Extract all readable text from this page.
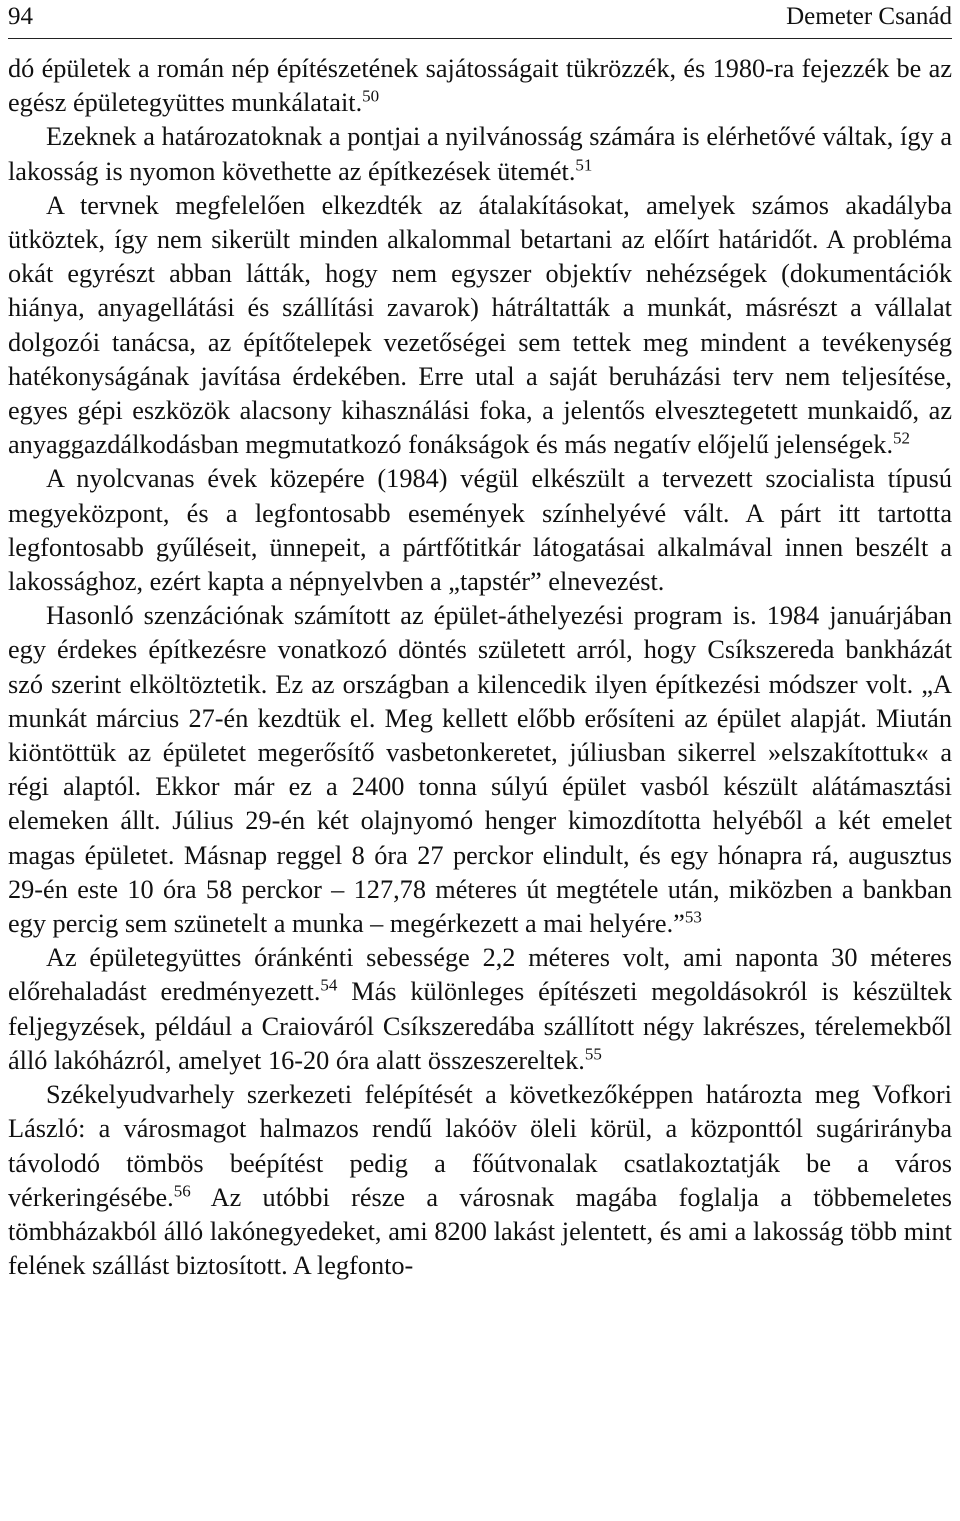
94	Demeter Csanád

dó épületek a román nép építészetének sajátosságait tükrözzék, és 1980-ra fejezzék be az egész épületegyüttes munkálatait.$^{50}$

Ezeknek a határozatoknak a pontjai a nyilvánosság számára is elérhetővé váltak, így a lakosság is nyomon követhette az építkezések ütemét.$^{51}$

A tervnek megfelelően elkezdték az átalakításokat, amelyek számos akadályba ütköztek, így nem sikerült minden alkalommal betartani az előírt határidőt. A probléma okát egyrészt abban látták, hogy nem egyszer objektív nehézségek (dokumentációk hiánya, anyagellátási és szállítási zavarok) hátráltatták a munkát, másrészt a vállalat dolgozói tanácsa, az építőtelepek vezetőségei sem tettek meg mindent a tevékenység hatékonyságának javítása érdekében. Erre utal a saját beruházási terv nem teljesítése, egyes gépi eszközök alacsony kihasználási foka, a jelentős elvesztegetett munkaidő, az anyaggazdálkodásban megmutatkozó fonákságok és más negatív előjelű jelenségek.$^{52}$

A nyolcvanas évek közepére (1984) végül elkészült a tervezett szocialista típusú megyeközpont, és a legfontosabb események színhelyévé vált. A párt itt tartotta legfontosabb gyűléseit, ünnepeit, a pártfőtitkár látogatásai alkalmával innen beszélt a lakossághoz, ezért kapta a népnyelvben a „tapstér” elnevezést.

Hasonló szenzációnak számított az épület-áthelyezési program is. 1984 januárjában egy érdekes építkezésre vonatkozó döntés született arról, hogy Csíkszereda bankházát szó szerint elköltöztetik. Ez az országban a kilencedik ilyen építkezési módszer volt. „A munkát március 27-én kezdtük el. Meg kellett előbb erősíteni az épület alapját. Miután kiöntöttük az épületet megerősítő vasbetonkeretet, júliusban sikerrel »elszakítottuk« a régi alaptól. Ekkor már ez a 2400 tonna súlyú épület vasból készült alátámasztási elemeken állt. Július 29-én két olajnyomó henger kimozdította helyéből a két emelet magas épületet. Másnap reggel 8 óra 27 perckor elindult, és egy hónapra rá, augusztus 29-én este 10 óra 58 perckor – 127,78 méteres út megtétele után, miközben a bankban egy percig sem szünetelt a munka – megérkezett a mai helyére.”$^{53}$

Az épületegyüttes óránkénti sebessége 2,2 méteres volt, ami naponta 30 méteres előrehaladást eredményezett.$^{54}$ Más különleges építészeti megoldásokról is készültek feljegyzések, például a Craiováról Csíkszeredába szállított négy lakrészes, térelemekből álló lakóházról, amelyet 16-20 óra alatt összeszereltek.$^{55}$

Székelyudvarhely szerkezeti felépítését a következőképpen határozta meg Vofkori László: a városmagot halmazos rendű lakóöv öleli körül, a központtól sugárirányba távolodó tömbös beépítést pedig a főútvonalak csatlakoztatják be a város vérkeringésébe.$^{56}$ Az utóbbi része a városnak magába foglalja a többemeletes tömbházakból álló lakónegyedeket, ami 8200 lakást jelentett, és ami a lakosság több mint felének szállást biztosított. A legfonto-
